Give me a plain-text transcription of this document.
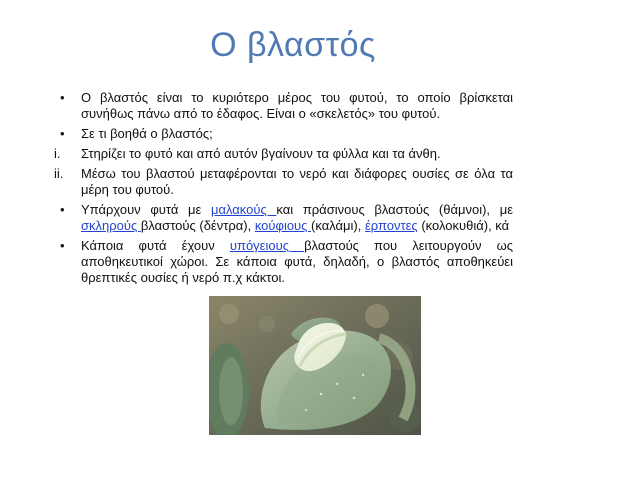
Ο βλαστός
• Ο βλαστός είναι το κυριότερο μέρος του φυτού, το οποίο βρίσκεται συνήθως πάνω από το έδαφος. Είναι ο «σκελετός» του φυτού.
• Σε τι βοηθά ο βλαστός;
i. Στηρίζει το φυτό και από αυτόν βγαίνουν τα φύλλα και τα άνθη.
ii. Μέσω του βλαστού μεταφέρονται το νερό και διάφορες ουσίες σε όλα τα μέρη του φυτού.
• Υπάρχουν φυτά με μαλακούς και πράσινους βλαστούς (θάμνοι), με σκληρούς βλαστούς (δέντρα), κούφιους (καλάμι), έρποντες (κολοκυθιά), κά
• Κάποια φυτά έχουν υπόγειους βλαστούς που λειτουργούν ως αποθηκευτικοί χώροι. Σε κάποια φυτά, δηλαδή, ο βλαστός αποθηκεύει θρεπτικές ουσίες ή νερό π.χ κάκτοι.
